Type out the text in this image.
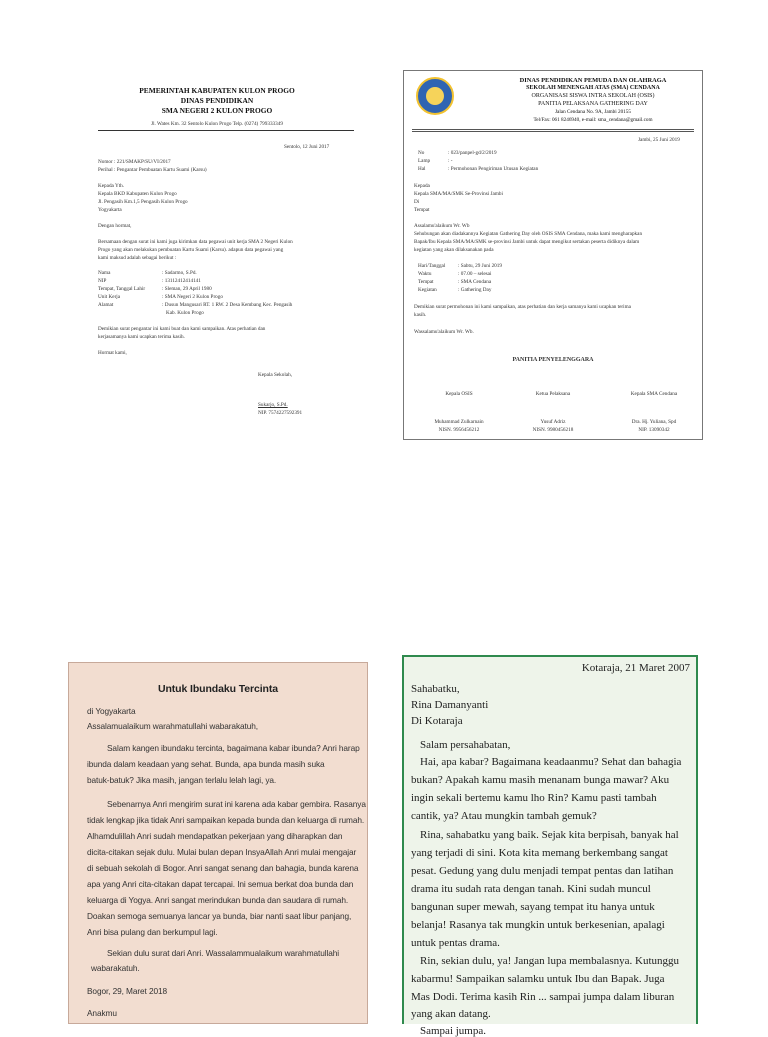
PEMERINTAH KABUPATEN KULON PROGO
DINAS PENDIDIKAN
SMA NEGERI 2 KULON PROGO
Jl. Wates Km. 32 Sentolo Kulon Progo Telp. (0274) 799333349
Sentolo, 12 Juni 2017
Nomor : 221/SMAKP/SU/VI/2017
Perihal : Pengantar Pembuatan Kartu Suami (Karsu)
Kepada Yth.
Kepala BKD Kabupaten Kulon Progo
Jl. Pengasih Km.1,5 Pengasih Kulon Progo
Yogyakarta
Dengan hormat,
Bersamaan dengan surat ini kami juga kirimkan data pegawai unit kerja SMA 2 Negeri Kulon
Progo yang akan melakukan pembuatan Kartu Suami (Karsu). adapun data pegawai yang
kami maksud adalah sebagai berikut :
Nama	: Sadarmo, S.Pd.
NIP	: 13112412414141
Tempat, Tanggal Lahir	: Sleman, 29 April 1980
Unit Kerja	: SMA Negeri 2 Kulon Progo
Alamat	: Dusun Mangusari RT. 1 RW. 2 Desa Kembang Kec. Pengasih
Kab. Kulon Progo
Demikian surat pengantar ini kami buat dan kami sampaikan. Atas perhatian dan
kerjasamanya kami ucapkan terima kasih.
Hormat kami,
Kepala Sekolah,
Sukarjo, S.Pd.
NIP. 7574227592391
DINAS PENDIDIKAN PEMUDA DAN OLAHRAGA
SEKOLAH MENENGAH ATAS (SMA) CENDANA
ORGANISASI SISWA INTRA SEKOLAH (OSIS)
PANITIA PELAKSANA GATHERING DAY
Jalan Cendana No. 9A, Jambi 20155
Tel/Fax: 061 8246940, e-mail: sma_cendana@gmail.com
Jambi, 25 Juni 2019
No	: 023/panpel-gd/2/2019
Lamp	: -
Hal	: Permohonan Pengiriman Utusan Kegiatan
Kepada
Kepala SMA/MA/SMK Se-Provinsi Jambi
Di
Tempat
Assalamu'alaikum Wr. Wb
Sehubungan akan diadakannya Kegiatan Gathering Day oleh OSIS SMA Cendana, maka kami mengharapkan
Bapak/Ibu Kepala SMA/MA/SMK se-provinsi Jambi untuk dapat mengikut sertakan peserta didiknya dalam
kegiatan yang akan dilaksanakan pada
Hari/Tanggal : Sabtu, 29 Juni 2019
Waktu	: 07.00 – selesai
Tempat	: SMA Cendana
Kegiatan	: Gathering Day
Demikian surat permohonan ini kami sampaikan, atas perhatian dan kerja samanya kami ucapkan terima
kasih.
Wassalamu'alaikum Wr. Wb.
PANITIA PENYELENGGARA
Kepala OSIS	Ketua Pelaksana	Kepala SMA Cendana
Muhammad Zulkarnain	Yusuf Adriz	Dra. Hj. Yuliana, Spd
NISN. 9956456212	NISN. 9980456218	NIP. 13090342
Untuk Ibundaku Tercinta
di Yogyakarta
Assalamualaikum warahmatullahi wabarakatuh,
Salam kangen ibundaku tercinta, bagaimana kabar ibunda? Anri harap
ibunda dalam keadaan yang sehat. Bunda, apa bunda masih suka
batuk-batuk? Jika masih, jangan terlalu lelah lagi, ya.
Sebenarnya Anri mengirim surat ini karena ada kabar gembira. Rasanya
tidak lengkap jika tidak Anri sampaikan kepada bunda dan keluarga di rumah.
Alhamdulillah Anri sudah mendapatkan pekerjaan yang diharapkan dan
dicita-citakan sejak dulu. Mulai bulan depan InsyaAllah Anri mulai mengajar
di sebuah sekolah di Bogor. Anri sangat senang dan bahagia, bunda karena
apa yang Anri cita-citakan dapat tercapai. Ini semua berkat doa bunda dan
keluarga di Yogya. Anri sangat merindukan bunda dan saudara di rumah.
Doakan semoga semuanya lancar ya bunda, biar nanti saat libur panjang,
Anri bisa pulang dan berkumpul lagi.
Sekian dulu surat dari Anri. Wassalammualaikum warahmatullahi
wabarakatuh.
Bogor, 29, Maret 2018
Anakmu
Kotaraja, 21 Maret 2007
Sahabatku,
Rina Damanyanti
Di Kotaraja
Salam persahabatan,
Hai, apa kabar? Bagaimana keadaanmu? Sehat dan bahagia
bukan? Apakah kamu masih menanam bunga mawar? Aku
ingin sekali bertemu kamu lho Rin? Kamu pasti tambah
cantik, ya? Atau mungkin tambah gemuk?
Rina, sahabatku yang baik. Sejak kita berpisah, banyak hal
yang terjadi di sini. Kota kita memang berkembang sangat
pesat. Gedung yang dulu menjadi tempat pentas dan latihan
drama itu sudah rata dengan tanah. Kini sudah muncul
bangunan super mewah, sayang tempat itu hanya untuk
belanja! Rasanya tak mungkin untuk berkesenian, apalagi
untuk pentas drama.
Rin, sekian dulu, ya! Jangan lupa membalasnya. Kutunggu
kabarmu! Sampaikan salamku untuk Ibu dan Bapak. Juga
Mas Dodi. Terima kasih Rin ... sampai jumpa dalam liburan
yang akan datang.
Sampai jumpa.
